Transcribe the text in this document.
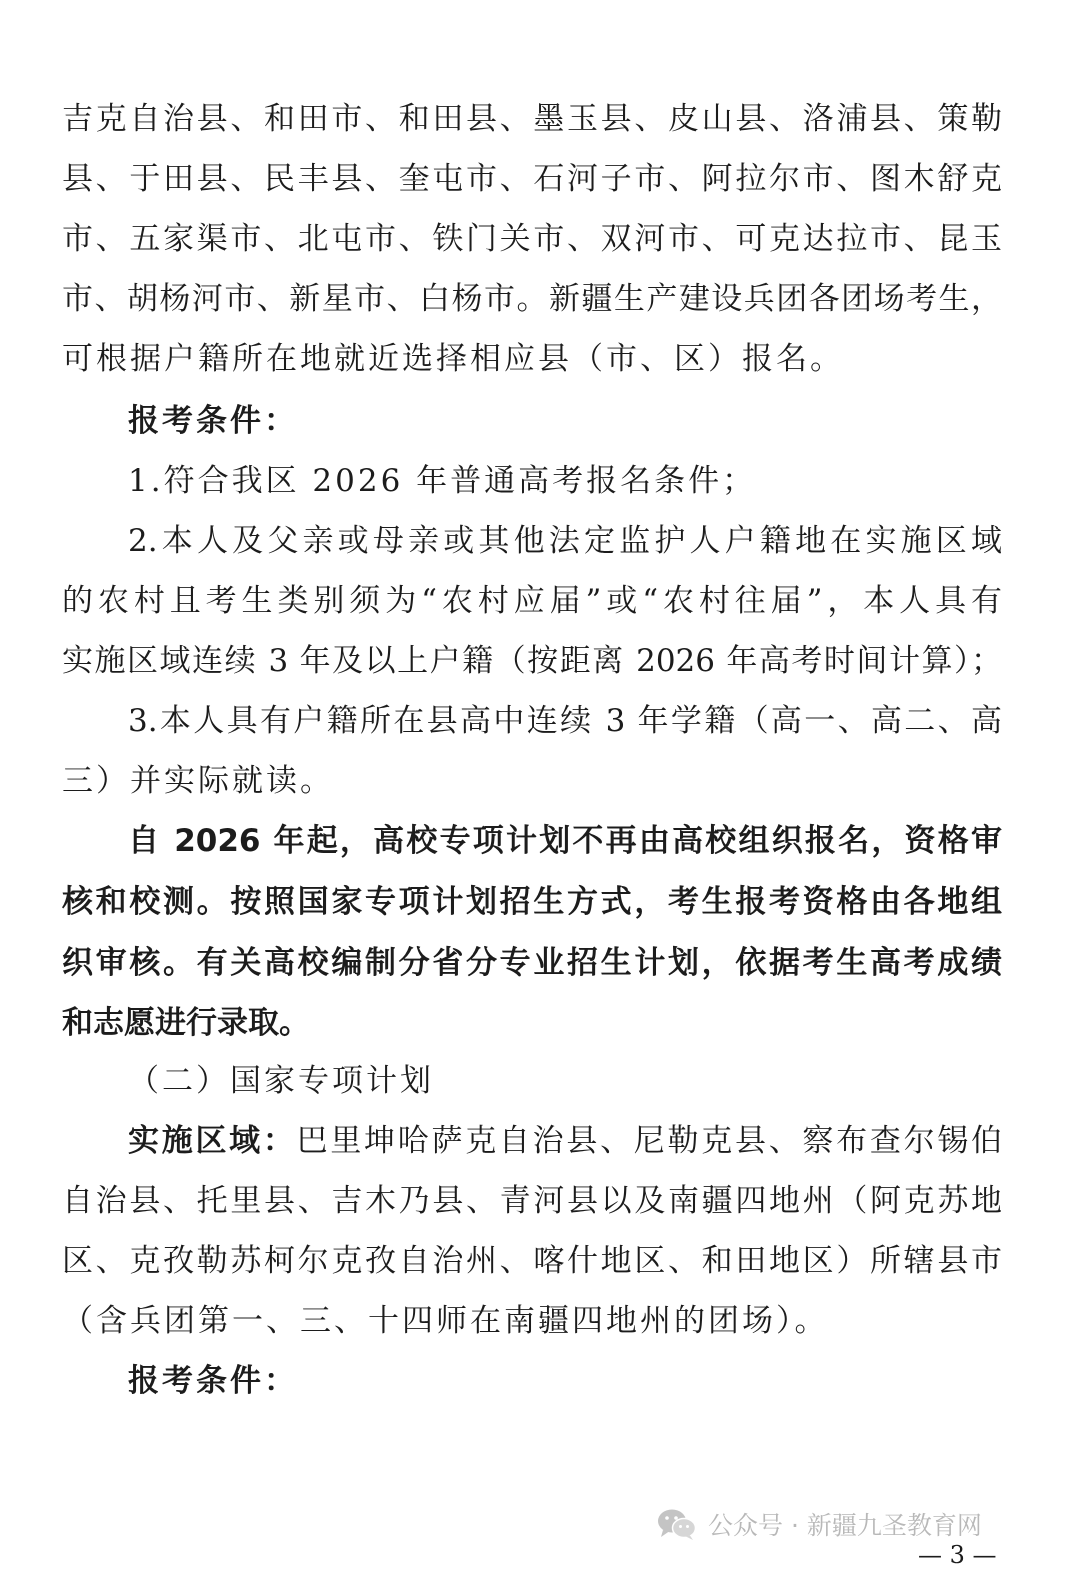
吉克自治县、和田市、和田县、墨玉县、皮山县、洛浦县、策勒
县、于田县、民丰县、奎屯市、石河子市、阿拉尔市、图木舒克
市、五家渠市、北屯市、铁门关市、双河市、可克达拉市、昆玉
市、胡杨河市、新星市、白杨市。新疆生产建设兵团各团场考生，
可根据户籍所在地就近选择相应县（市、区）报名。
报考条件：
1.符合我区 2026 年普通高考报名条件；
2.本人及父亲或母亲或其他法定监护人户籍地在实施区域
的农村且考生类别须为“农村应届”或“农村往届”，本人具有
实施区域连续 3 年及以上户籍（按距离 2026 年高考时间计算）；
3.本人具有户籍所在县高中连续 3 年学籍（高一、高二、高
三）并实际就读。
自 2026 年起，高校专项计划不再由高校组织报名，资格审
核和校测。按照国家专项计划招生方式，考生报考资格由各地组
织审核。有关高校编制分省分专业招生计划，依据考生高考成绩
和志愿进行录取。
（二）国家专项计划
实施区域：巴里坤哈萨克自治县、尼勒克县、察布查尔锡伯
自治县、托里县、吉木乃县、青河县以及南疆四地州（阿克苏地
区、克孜勒苏柯尔克孜自治州、喀什地区、和田地区）所辖县市
（含兵团第一、三、十四师在南疆四地州的团场）。
报考条件：
公众号 · 新疆九圣教育网
— 3 —
